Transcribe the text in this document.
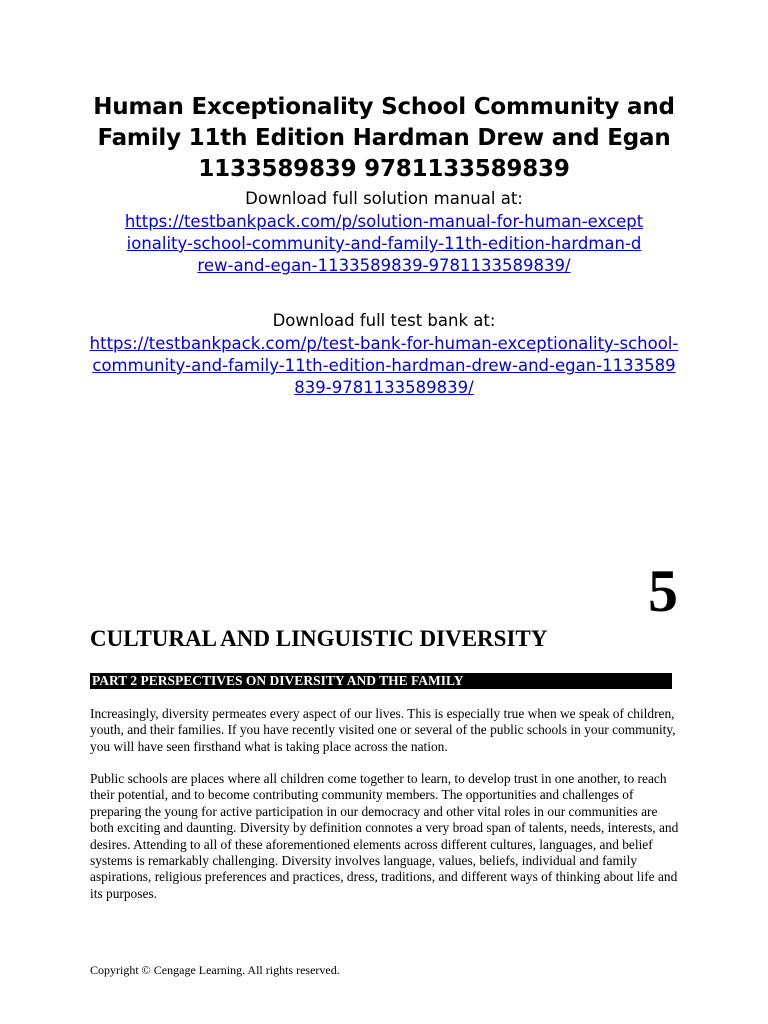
Human Exceptionality School Community and Family 11th Edition Hardman Drew and Egan 1133589839 9781133589839

Download full solution manual at:

https://testbankpack.com/p/solution-manual-for-human-exceptionality-school-community-and-family-11th-edition-hardman-drew-and-egan-1133589839-9781133589839/

Download full test bank at:

https://testbankpack.com/p/test-bank-for-human-exceptionality-school-community-and-family-11th-edition-hardman-drew-and-egan-1133589839-9781133589839/
5
CULTURAL AND LINGUISTIC DIVERSITY
PART 2 PERSPECTIVES ON DIVERSITY AND THE FAMILY

Increasingly, diversity permeates every aspect of our lives. This is especially true when we speak of children, youth, and their families. If you have recently visited one or several of the public schools in your community, you will have seen firsthand what is taking place across the nation.

Public schools are places where all children come together to learn, to develop trust in one another, to reach their potential, and to become contributing community members. The opportunities and challenges of preparing the young for active participation in our democracy and other vital roles in our communities are both exciting and daunting. Diversity by definition connotes a very broad span of talents, needs, interests, and desires. Attending to all of these aforementioned elements across different cultures, languages, and belief systems is remarkably challenging. Diversity involves language, values, beliefs, individual and family aspirations, religious preferences and practices, dress, traditions, and different ways of thinking about life and its purposes.

Copyright © Cengage Learning. All rights reserved.
